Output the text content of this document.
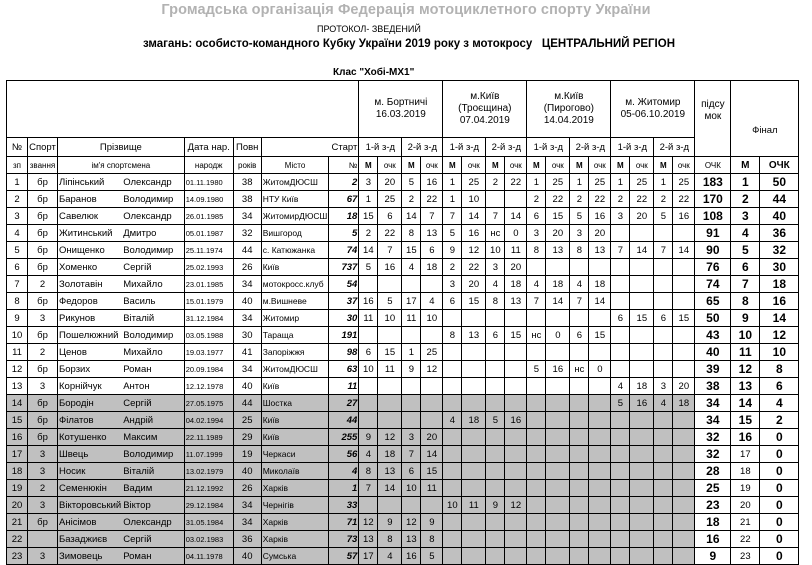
Громадська організація Федерація мотоциклетного спорту України
ПРОТОКОЛ- ЗВЕДЕНИЙ
змагань: особисто-командного Кубку України 2019 року з мотокросу   ЦЕНТРАЛЬНИЙ РЕГІОН
Клас "Хобі-МХ1"
								м. Бортничі
16.03.2019				м.Київ (Троєщина)
07.04.2019				м.Київ (Пирогово)
14.04.2019				м. Житомир
05-06.10.2019				підсу мок	Фінал	
№	Спорт	Прізвище		Дата нар.	Повн		Старт	1-й з-д		2-й з-д		1-й з-д		2-й з-д		1-й з-д		2-й з-д		1-й з-д		2-й з-д				
зп	звання	ім'я спортсмена		народж	років	Місто	№	М	очк	М	очк	М	очк	М	очк	М	очк	М	очк	М	очк	М	очк	ОЧК	М	ОЧК
1	бр	Ліпінський	Олександр	01.11.1980	38	ЖитомДЮСШ	2	3	20	5	16	1	25	2	22	1	25	1	25	1	25	1	25	183	1	50
2	бр	Баранов	Володимир	14.09.1980	38	НТУ Київ	67	1	25	2	22	1	10			2	22	2	22	2	22	2	22	170	2	44
3	бр	Савелюк	Олександр	26.01.1985	34	ЖитомирДЮСШ	18	15	6	14	7	7	14	7	14	6	15	5	16	3	20	5	16	108	3	40
4	бр	Житинський	Дмитро	05.01.1987	32	Вишгород	5	2	22	8	13	5	16	нс	0	3	20	3	20					91	4	36
5	бр	Онищенко	Володимир	25.11.1974	44	с. Катюжанка	74	14	7	15	6	9	12	10	11	8	13	8	13	7	14	7	14	90	5	32
6	бр	Хоменко	Сергій	25.02.1993	26	Київ	737	5	16	4	18	2	22	3	20									76	6	30
7	2	Золотавін	Михайло	23.01.1985	34	мотокросс.клуб	54					3	20	4	18	4	18	4	18					74	7	18
8	бр	Федоров	Василь	15.01.1979	40	м.Вишневе	37	16	5	17	4	6	15	8	13	7	14	7	14					65	8	16
9	3	Рикунов	Віталій	31.12.1984	34	Житомир	30	11	10	11	10									6	15	6	15	50	9	14
10	бр	Пошелюжний	Володимир	03.05.1988	30	Тараща	191					8	13	6	15	нс	0	6	15					43	10	12
11	2	Ценов	Михайло	19.03.1977	41	Запоріжжя	98	6	15	1	25													40	11	10
12	бр	Борзих	Роман	20.09.1984	34	ЖитомДЮСШ	63	10	11	9	12					5	16	нс	0					39	12	8
13	3	Корнійчук	Антон	12.12.1978	40	Київ	11													4	18	3	20	38	13	6
14	бр	Бородін	Сергій	27.05.1975	44	Шостка	27													5	16	4	18	34	14	4
15	бр	Філатов	Андрій	04.02.1994	25	Київ	44					4	18	5	16									34	15	2
16	бр	Котушенко	Максим	22.11.1989	29	Київ	255	9	12	3	20													32	16	0
17	3	Швець	Володимир	11.07.1999	19	Черкаси	56	4	18	7	14													32	17	0
18	3	Носик	Віталій	13.02.1979	40	Миколаїв	4	8	13	6	15													28	18	0
19	2	Семенюкін	Вадим	21.12.1992	26	Харків	1	7	14	10	11													25	19	0
20	3	Вікторовський	Віктор	29.12.1984	34	Чернігів	33					10	11	9	12									23	20	0
21	бр	Анісімов	Олександр	31.05.1984	34	Харків	71	12	9	12	9													18	21	0
22		Базаджиєв	Сергій	03.02.1983	36	Харків	73	13	8	13	8													16	22	0
23	3	Зимовець	Роман	04.11.1978	40	Сумська	57	17	4	16	5													9	23	0
